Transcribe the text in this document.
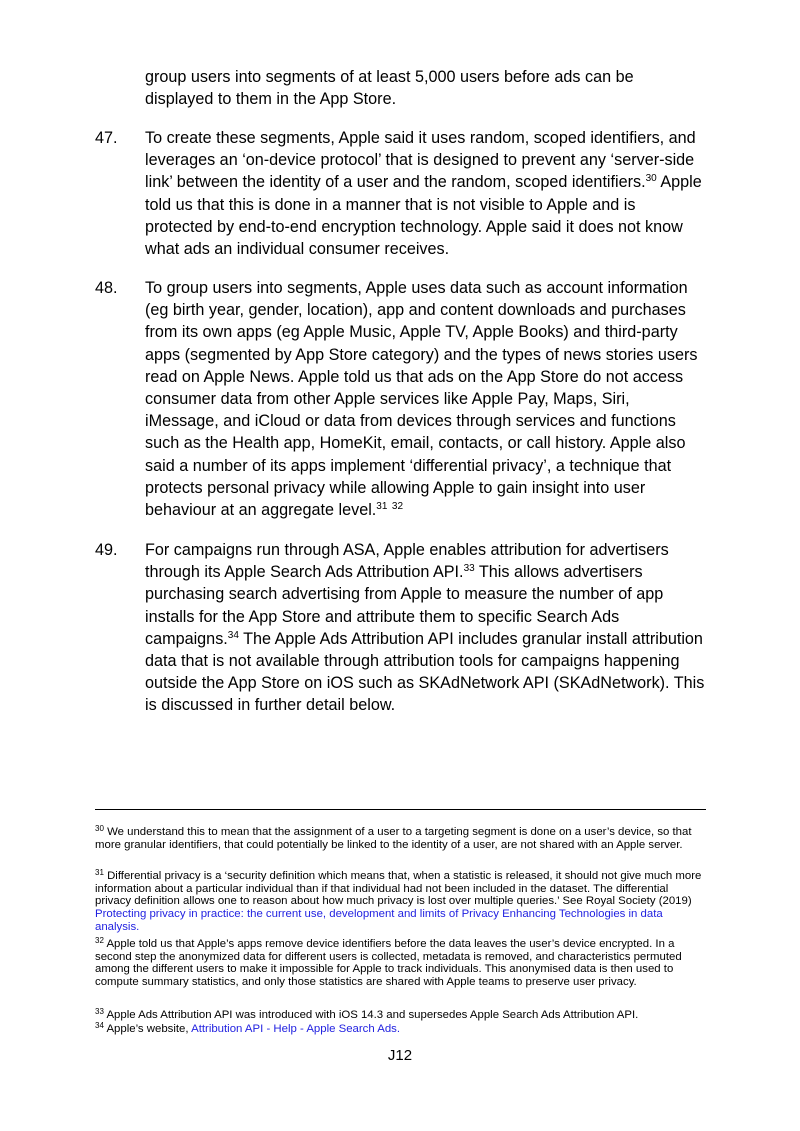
group users into segments of at least 5,000 users before ads can be displayed to them in the App Store.
47. To create these segments, Apple said it uses random, scoped identifiers, and leverages an ‘on-device protocol’ that is designed to prevent any ‘server-side link’ between the identity of a user and the random, scoped identifiers.$^{30}$ Apple told us that this is done in a manner that is not visible to Apple and is protected by end-to-end encryption technology. Apple said it does not know what ads an individual consumer receives.
48. To group users into segments, Apple uses data such as account information (eg birth year, gender, location), app and content downloads and purchases from its own apps (eg Apple Music, Apple TV, Apple Books) and third-party apps (segmented by App Store category) and the types of news stories users read on Apple News. Apple told us that ads on the App Store do not access consumer data from other Apple services like Apple Pay, Maps, Siri, iMessage, and iCloud or data from devices through services and functions such as the Health app, HomeKit, email, contacts, or call history. Apple also said a number of its apps implement ‘differential privacy’, a technique that protects personal privacy while allowing Apple to gain insight into user behaviour at an aggregate level.$^{31}$ $^{32}$
49. For campaigns run through ASA, Apple enables attribution for advertisers through its Apple Search Ads Attribution API.$^{33}$ This allows advertisers purchasing search advertising from Apple to measure the number of app installs for the App Store and attribute them to specific Search Ads campaigns.$^{34}$ The Apple Ads Attribution API includes granular install attribution data that is not available through attribution tools for campaigns happening outside the App Store on iOS such as SKAdNetwork API (SKAdNetwork). This is discussed in further detail below.
$^{30}$ We understand this to mean that the assignment of a user to a targeting segment is done on a user’s device, so that more granular identifiers, that could potentially be linked to the identity of a user, are not shared with an Apple server.
$^{31}$ Differential privacy is a ‘security definition which means that, when a statistic is released, it should not give much more information about a particular individual than if that individual had not been included in the dataset. The differential privacy definition allows one to reason about how much privacy is lost over multiple queries.’ See Royal Society (2019) Protecting privacy in practice: the current use, development and limits of Privacy Enhancing Technologies in data analysis.
$^{32}$ Apple told us that Apple’s apps remove device identifiers before the data leaves the user’s device encrypted. In a second step the anonymized data for different users is collected, metadata is removed, and characteristics permuted among the different users to make it impossible for Apple to track individuals. This anonymised data is then used to compute summary statistics, and only those statistics are shared with Apple teams to preserve user privacy.
$^{33}$ Apple Ads Attribution API was introduced with iOS 14.3 and supersedes Apple Search Ads Attribution API.
$^{34}$ Apple’s website, Attribution API - Help - Apple Search Ads.
J12
